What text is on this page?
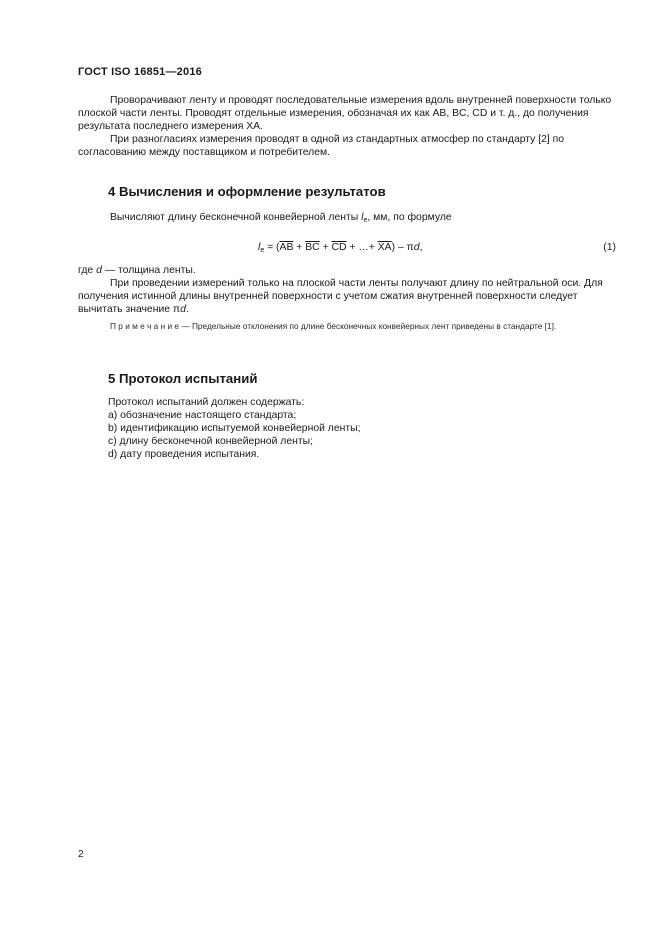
ГОСТ ISO 16851—2016
Проворачивают ленту и проводят последовательные измерения вдоль внутренней поверхности только плоской части ленты. Проводят отдельные измерения, обозначая их как AB, BC, CD и т. д., до получения результата последнего измерения XA.
При разногласиях измерения проводят в одной из стандартных атмосфер по стандарту [2] по согласованию между поставщиком и потребителем.
4 Вычисления и оформление результатов
Вычисляют длину бесконечной конвейерной ленты $l_e$, мм, по формуле
$l_e = (\overline{AB} + \overline{BC} + \overline{CD}$ + …+ $\overline{XA}$) – πd,	(1)
где d — толщина ленты.
При проведении измерений только на плоской части ленты получают длину по нейтральной оси. Для получения истинной длины внутренней поверхности с учетом сжатия внутренней поверхности следует вычитать значение πd.
П р и м е ч а н и е — Предельные отклонения по длине бесконечных конвейерных лент приведены в стандарте [1].
5 Протокол испытаний
Протокол испытаний должен содержать:
а) обозначение настоящего стандарта;
b) идентификацию испытуемой конвейерной ленты;
c) длину бесконечной конвейерной ленты;
d) дату проведения испытания.
2
